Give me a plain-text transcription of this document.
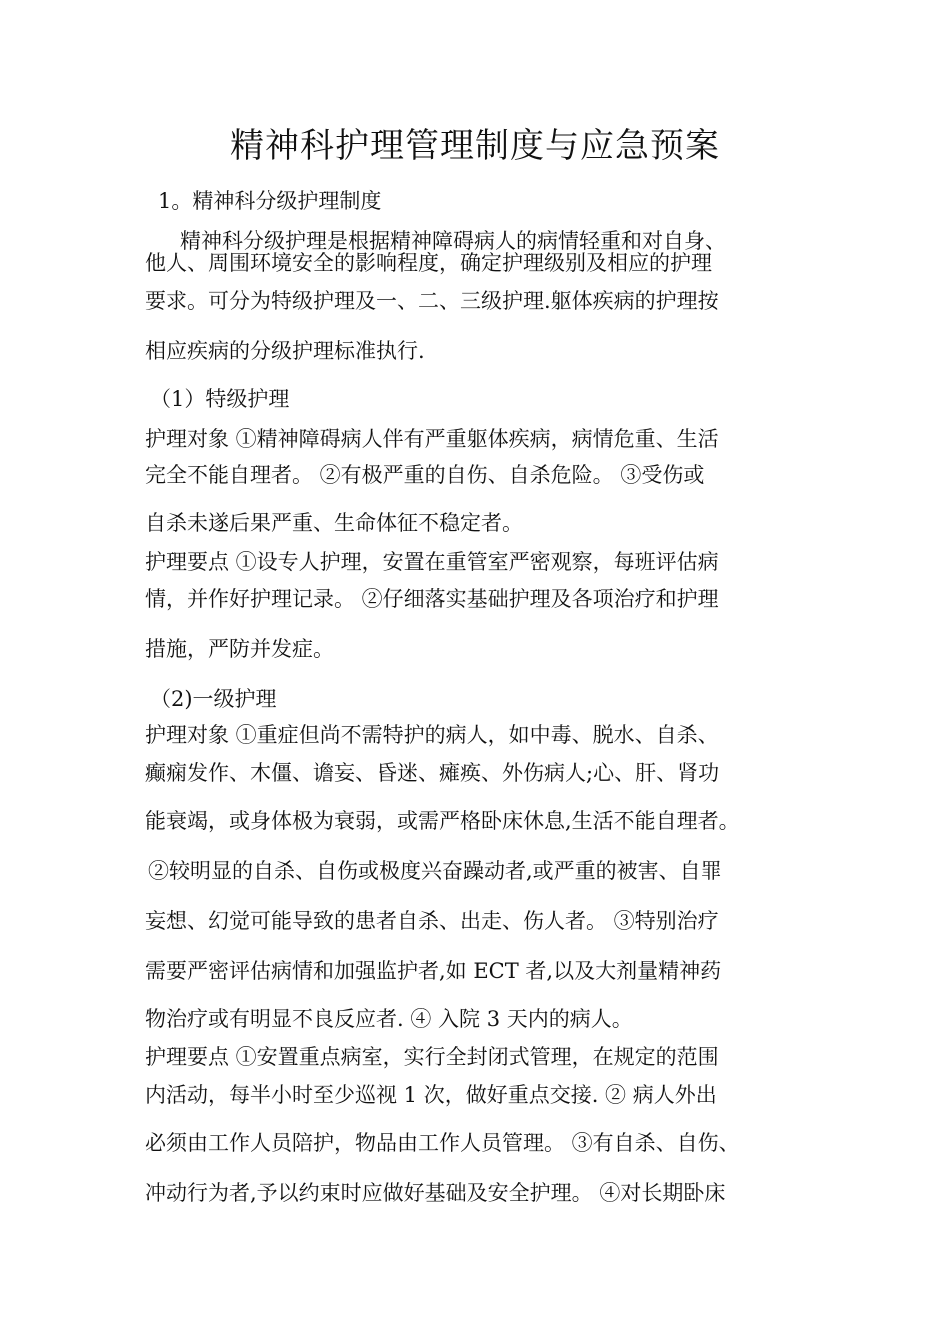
精神科护理管理制度与应急预案
1。精神科分级护理制度
精神科分级护理是根据精神障碍病人的病情轻重和对自身、
他人、周围环境安全的影响程度，确定护理级别及相应的护理
要求。可分为特级护理及一、二、三级护理.躯体疾病的护理按
相应疾病的分级护理标准执行.
（1）特级护理
护理对象 ①精神障碍病人伴有严重躯体疾病，病情危重、生活
完全不能自理者。 ②有极严重的自伤、自杀危险。 ③受伤或
自杀未遂后果严重、生命体征不稳定者。
护理要点 ①设专人护理，安置在重管室严密观察，每班评估病
情，并作好护理记录。 ②仔细落实基础护理及各项治疗和护理
措施，严防并发症。
（2)一级护理
护理对象 ①重症但尚不需特护的病人，如中毒、脱水、自杀、
癫痫发作、木僵、谵妄、昏迷、瘫痪、外伤病人;心、肝、肾功
能衰竭，或身体极为衰弱，或需严格卧床休息,生活不能自理者。
②较明显的自杀、自伤或极度兴奋躁动者,或严重的被害、自罪
妄想、幻觉可能导致的患者自杀、出走、伤人者。 ③特别治疗
需要严密评估病情和加强监护者,如 ECT 者,以及大剂量精神药
物治疗或有明显不良反应者. ④ 入院 3 天内的病人。
护理要点 ①安置重点病室，实行全封闭式管理，在规定的范围
内活动，每半小时至少巡视 1 次，做好重点交接. ② 病人外出
必须由工作人员陪护，物品由工作人员管理。 ③有自杀、自伤、
冲动行为者,予以约束时应做好基础及安全护理。 ④对长期卧床
